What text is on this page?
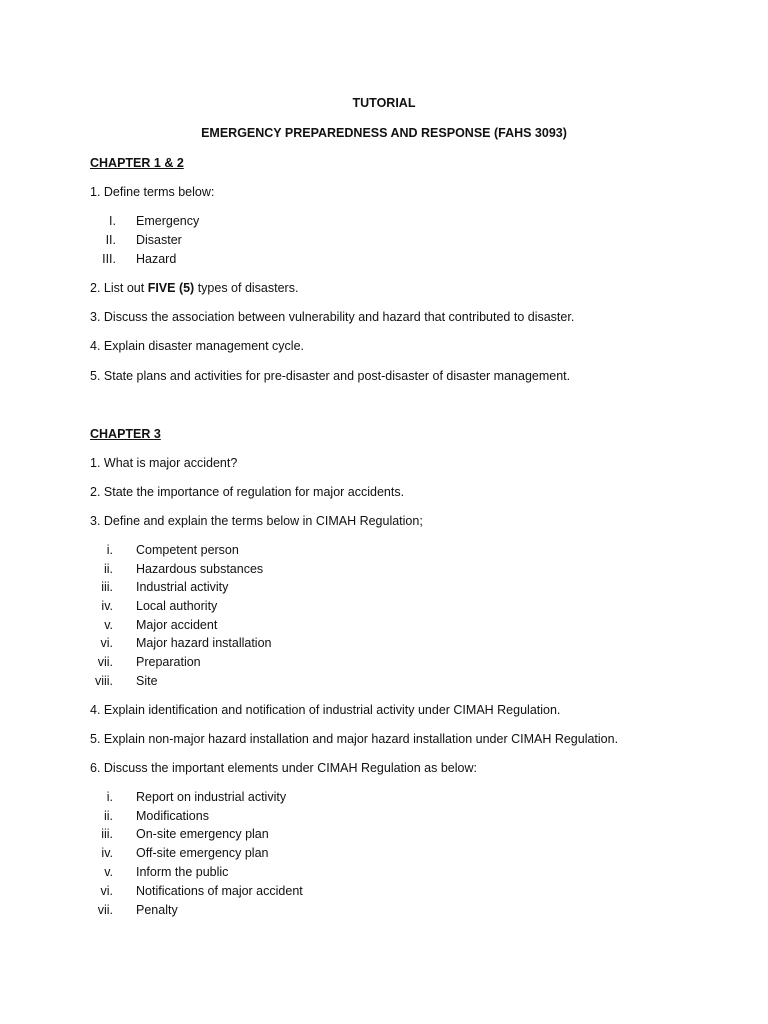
TUTORIAL
EMERGENCY PREPAREDNESS AND RESPONSE (FAHS 3093)
CHAPTER 1 & 2
1. Define terms below:
I. Emergency
II. Disaster
III. Hazard
2. List out FIVE (5) types of disasters.
3. Discuss the association between vulnerability and hazard that contributed to disaster.
4. Explain disaster management cycle.
5. State plans and activities for pre-disaster and post-disaster of disaster management.
CHAPTER 3
1. What is major accident?
2. State the importance of regulation for major accidents.
3. Define and explain the terms below in CIMAH Regulation;
i. Competent person
ii. Hazardous substances
iii. Industrial activity
iv. Local authority
v. Major accident
vi. Major hazard installation
vii. Preparation
viii. Site
4. Explain identification and notification of industrial activity under CIMAH Regulation.
5. Explain non-major hazard installation and major hazard installation under CIMAH Regulation.
6. Discuss the important elements under CIMAH Regulation as below:
i. Report on industrial activity
ii. Modifications
iii. On-site emergency plan
iv. Off-site emergency plan
v. Inform the public
vi. Notifications of major accident
vii. Penalty
